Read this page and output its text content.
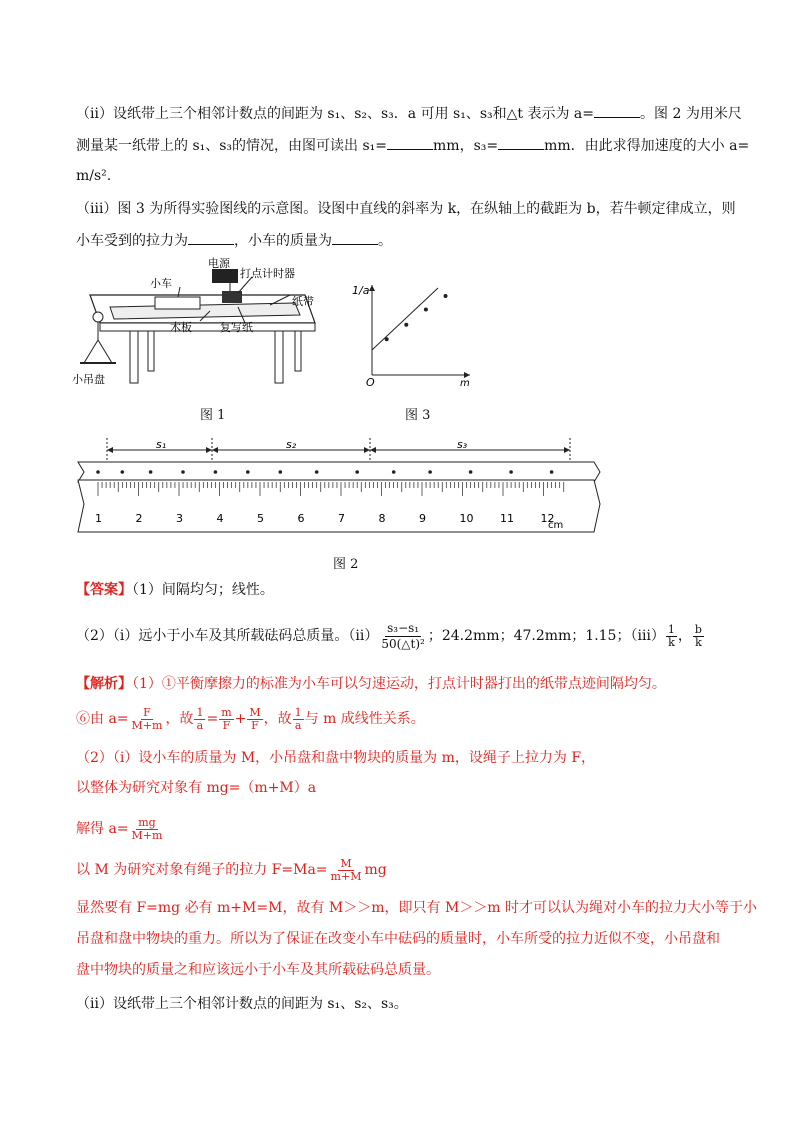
（ⅱ）设纸带上三个相邻计数点的间距为 s₁、s₂、s₃．a 可用 s₁、s₃和△t 表示为 a=	。图 2 为用米尺
测量某一纸带上的 s₁、s₃的情况，由图可读出 s₁=	mm，s₃=	mm．由此求得加速度的大小 a=
m/s².
（ⅲ）图 3 为所得实验图线的示意图。设图中直线的斜率为 k，在纵轴上的截距为 b，若牛顿定律成立，则
小车受到的拉力为	，小车的质量为	。
电源
打点计时器
小车
纸带
木板	复写纸
小吊盘
图 1
1/a
m
O
图 3
s₁	s₂	s₃
1	2	3	4	5	6	7	8	9	10 11 12
cm
图 2
【答案】（1）间隔均匀；线性。
（2）（ⅰ）远小于小车及其所载砝码总质量。（ⅱ） $\frac{\text{s₃−s₁}}{\text{50(△t)²}}$ ；24.2mm；47.2mm；1.15；（ⅲ） $\frac{1}{k}$ ， $\frac{b}{k}$
【解析】（1）①平衡摩擦力的标准为小车可以匀速运动，打点计时器打出的纸带点迹间隔均匀。
⑥由 $a= \frac{F}{M+m}$ ，故 $\frac{1}{a} = \frac{m}{F} + \frac{M}{F}$ ，故 $\frac{1}{a}$ 与 m 成线性关系。
（2）（ⅰ）设小车的质量为 M，小吊盘和盘中物块的质量为 m，设绳子上拉力为 F，
以整体为研究对象有 mg=（m+M）a
解得 $a= \frac{mg}{M+m}$
以 M 为研究对象有绳子的拉力 $F=Ma= \frac{M}{m+M}$ mg
显然要有 F=mg 必有 m+M=M，故有 M＞＞m，即只有 M＞＞m 时才可以认为绳对小车的拉力大小等于小
吊盘和盘中物块的重力。所以为了保证在改变小车中砝码的质量时，小车所受的拉力近似不变，小吊盘和
盘中物块的质量之和应该远小于小车及其所载砝码总质量。
（ⅱ）设纸带上三个相邻计数点的间距为 s₁、s₂、s₃。
